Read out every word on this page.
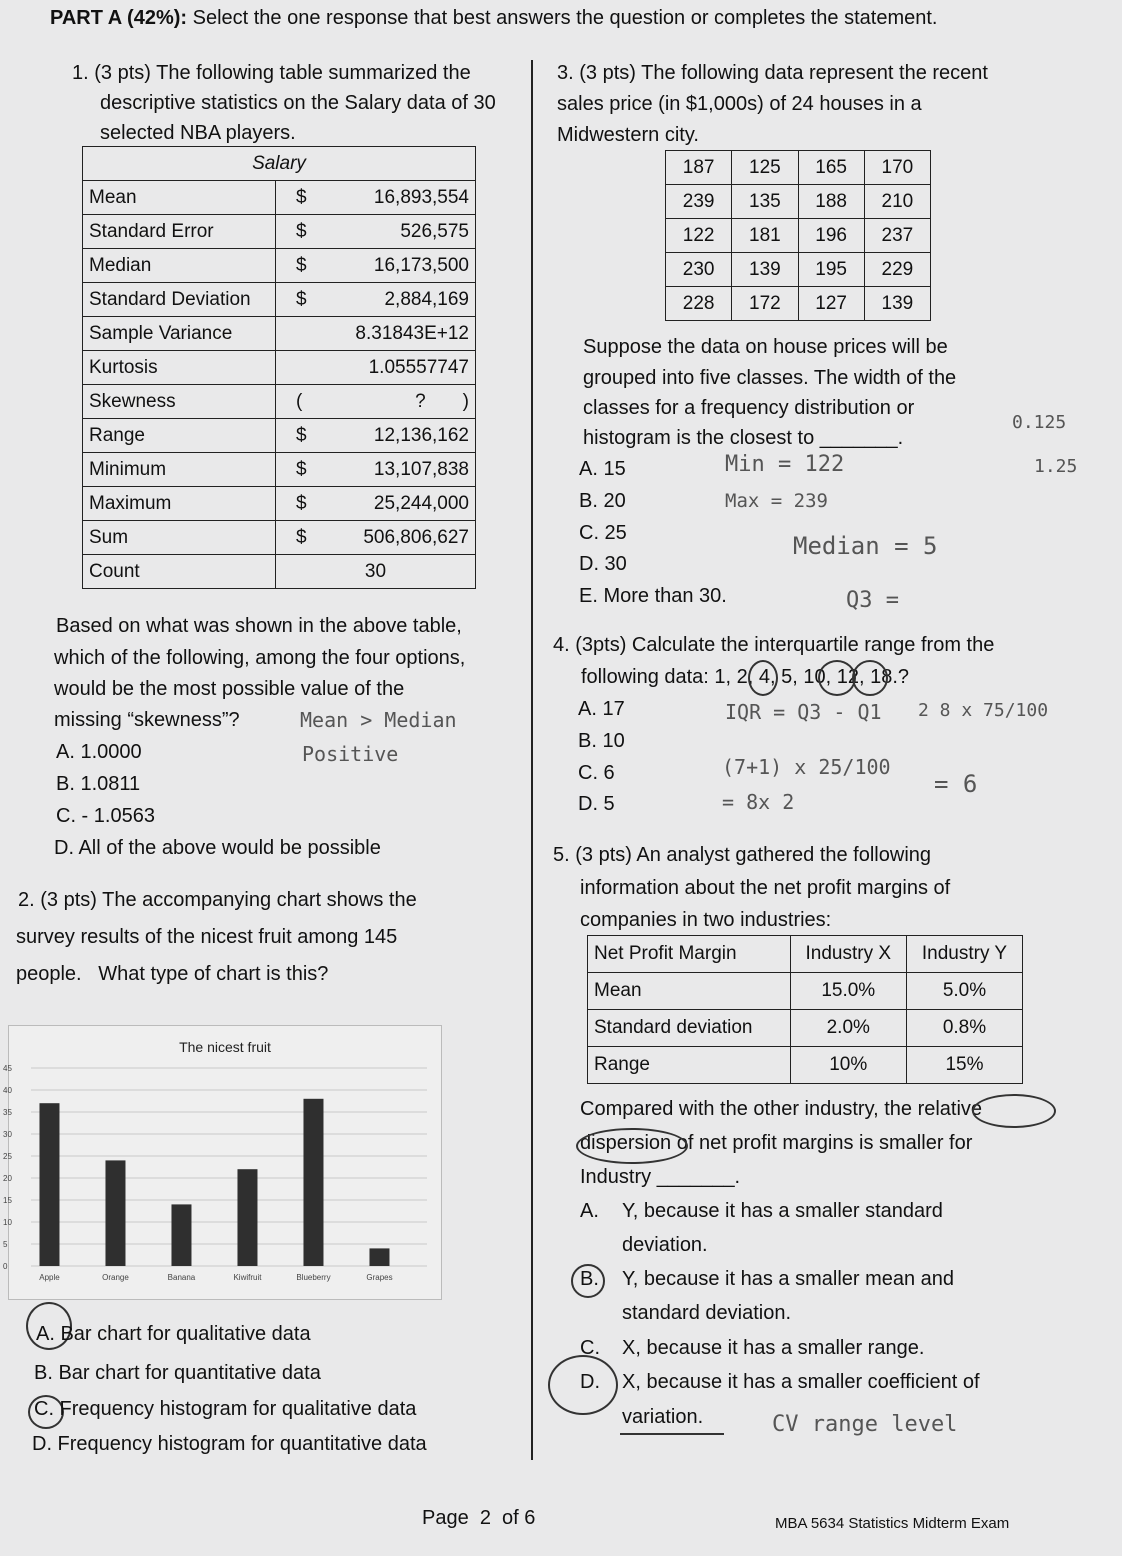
PART A (42%): Select the one response that best answers the question or completes the statement.
1. (3 pts) The following table summarized the
descriptive statistics on the Salary data of 30
selected NBA players.
Salary	
Mean	$ 16,893,554

Standard Error	$ 526,575

Median	$ 16,173,500

Standard Deviation	$ 2,884,169

Sample Variance	8.31843E+12

Kurtosis	1.05557747

Skewness	( ?       )

Range	$ 12,136,162

Minimum	$ 13,107,838

Maximum	$ 25,244,000

Sum	$ 506,806,627

Count	30
Based on what was shown in the above table,
which of the following, among the four options,
would be the most possible value of the
missing “skewness”?	Mean > Median
Positive
A. 1.0000
B. 1.0811
C. - 1.0563
D. All of the above would be possible
2. (3 pts) The accompanying chart shows the
survey results of the nicest fruit among 145
people.   What type of chart is this?
The nicest fruit
0
5
10
15
20
25
30
35
40
45
Apple	Orange	Banana	Kiwifruit	Blueberry	Grapes
A. Bar chart for qualitative data
B. Bar chart for quantitative data
C. Frequency histogram for qualitative data
D. Frequency histogram for quantitative data
3. (3 pts) The following data represent the recent
sales price (in $1,000s) of 24 houses in a
Midwestern city.
187	125	165	170
239	135	188	210
122	181	196	237
230	139	195	229
228	172	127	139
Suppose the data on house prices will be
grouped into five classes. The width of the
classes for a frequency distribution or
histogram is the closest to _______.
A. 15
B. 20
C. 25
D. 30
E. More than 30.
Min = 122
Max = 239
Median = 5
Q3 =
0.125
1.25
4. (3pts) Calculate the interquartile range from the
following data: 1, 2, 4, 5, 10, 12, 18.?
A. 17
B. 10
C. 6
D. 5
IQR = Q3 - Q1
(7+1) x 25/100
= 8x 2
2 8 x 75/100
= 6
5. (3 pts) An analyst gathered the following
information about the net profit margins of
companies in two industries:
Net Profit Margin	Industry X	Industry Y
Mean	15.0%	5.0%
Standard deviation	2.0%	0.8%
Range	10%	15%
Compared with the other industry, the relative
dispersion of net profit margins is smaller for
Industry _______.
A. Y, because it has a smaller standard
deviation.
B. Y, because it has a smaller mean and
standard deviation.
C. X, because it has a smaller range.
D. X, because it has a smaller coefficient of
variation.	CV range level
Page  2  of 6	MBA 5634 Statistics Midterm Exam
